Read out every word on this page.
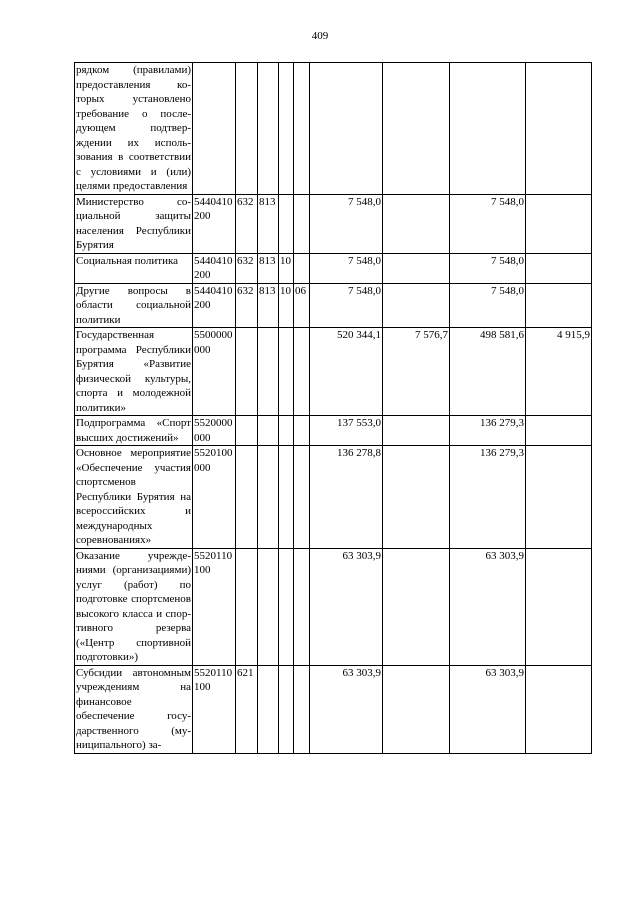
409
рядком (правилами) предоставления которых установлено требование о последующем подтверждении их использования в соответствии с условиями и (или) целями предоставления									
Министерство социальной защиты населения Республики Бурятия	5440410200	632	813			7 548,0		7 548,0	
Социальная политика	5440410200	632	813	10		7 548,0		7 548,0	
Другие вопросы в области социальной политики	5440410200	632	813	10	06	7 548,0		7 548,0	
Государственная программа Республики Бурятия «Развитие физической культуры, спорта и молодежной политики»	5500000000					520 344,1	7 576,7	498 581,6	4 915,9
Подпрограмма «Спорт высших достижений»	5520000000					137 553,0		136 279,3	
Основное мероприятие «Обеспечение участия спортсменов Республики Бурятия на всероссийских и международных соревнованиях»	5520100000					136 278,8		136 279,3	
Оказание учреждениями (организациями) услуг (работ) по подготовке спортсменов высокого класса и спортивного резерва («Центр спортивной подготовки»)	5520110100					63 303,9		63 303,9	
Субсидии автономным учреждениям на финансовое обеспечение государственного (муниципального) за-	5520110100	621				63 303,9		63 303,9	
